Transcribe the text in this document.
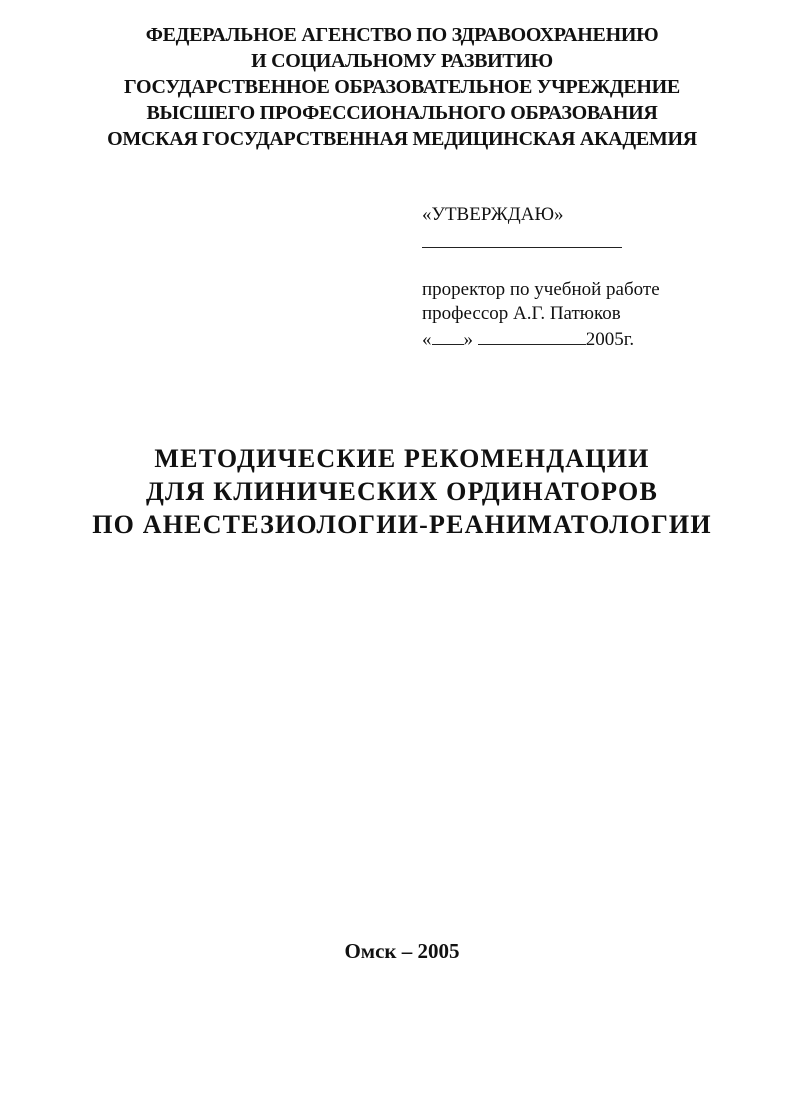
ФЕДЕРАЛЬНОЕ АГЕНСТВО ПО ЗДРАВООХРАНЕНИЮ
И СОЦИАЛЬНОМУ РАЗВИТИЮ
ГОСУДАРСТВЕННОЕ ОБРАЗОВАТЕЛЬНОЕ УЧРЕЖДЕНИЕ
ВЫСШЕГО ПРОФЕССИОНАЛЬНОГО ОБРАЗОВАНИЯ
ОМСКАЯ ГОСУДАРСТВЕННАЯ МЕДИЦИНСКАЯ АКАДЕМИЯ
«УТВЕРЖДАЮ»
проректор по учебной работе
профессор А.Г. Патюков
« »	2005г.
МЕТОДИЧЕСКИЕ РЕКОМЕНДАЦИИ
ДЛЯ КЛИНИЧЕСКИХ ОРДИНАТОРОВ
ПО АНЕСТЕЗИОЛОГИИ-РЕАНИМАТОЛОГИИ
Омск – 2005
